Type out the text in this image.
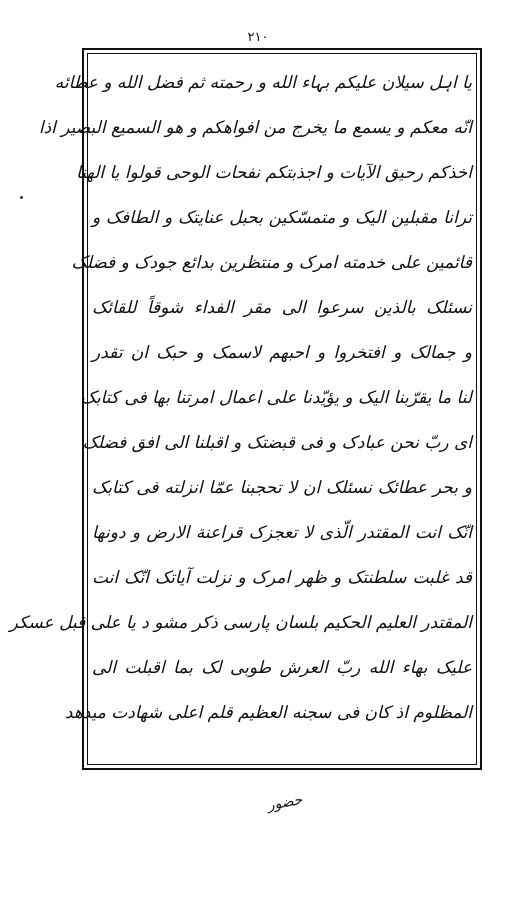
۲۱۰
یا اہل سیلان علیکم بہاء الله و رحمته ثم فضل الله و عطائه
انّه معکم و یسمع ما یخرج من افواهکم و هو السمیع البصیر اذا
اخذکم رحیق الآیات و اجذبتکم نفحات الوحی قولوا یا الهنا
ترانا مقبلین الیک و متمسّکین بحبل عنایتک و الطافک و
قائمین علی خدمته امرک و منتظرین بدائع جودک و فضلک
نسئلک بالذین سرعوا الی مقر الفداء شوقاً للقائک
و جمالک و افتخروا و احبهم لاسمک و حبک ان تقدر
لنا ما یقرّبنا الیک و یؤیّدنا علی اعمال امرتنا بها فی کتابک
ای ربّ نحن عبادک و فی قبضتک و اقبلنا الی افق فضلک
و بحر عطائک نسئلک ان لا تحجبنا عمّا انزلته فی کتابک
انّک انت المقتدر الّذی لا تعجزک قراعنة الارض و دونها
قد غلبت سلطنتک و ظهر امرک و نزلت آیاتک انّک انت
المقتدر العلیم الحکیم بلسان پارسی ذکر مشو د یا علی قبل عسکر
علیک بهاء الله ربّ العرش طوبی لک بما اقبلت الی
المظلوم اذ کان فی سجنه العظیم قلم اعلی شهادت میدهد
حضور
